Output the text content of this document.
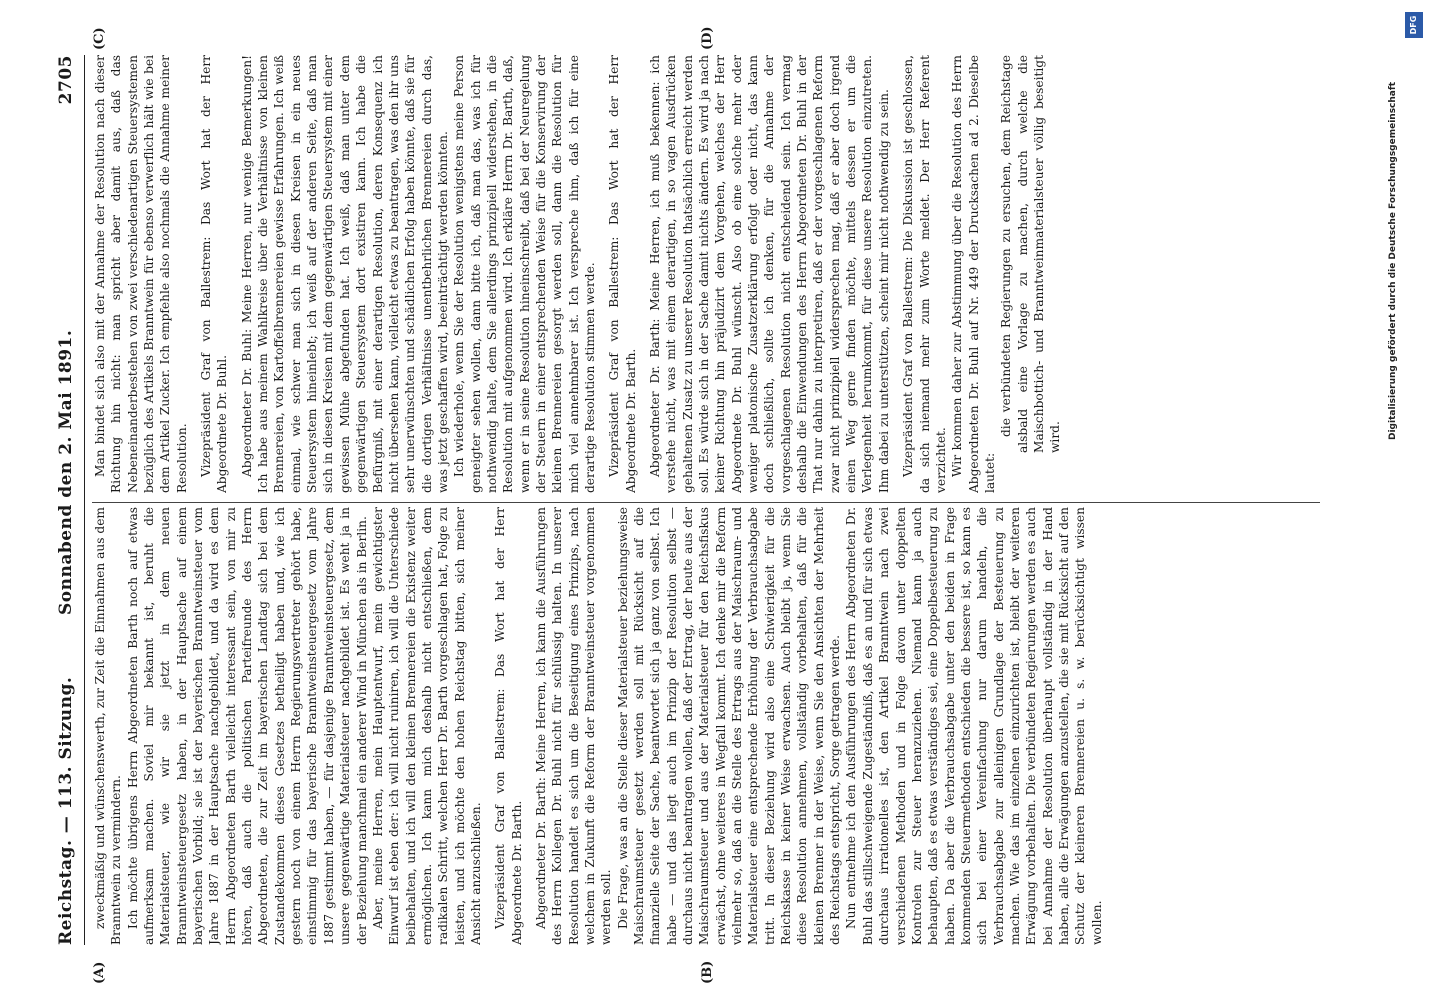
Reichstag. — 113. Sitzung.
Sonnabend den 2. Mai 1891.
2705

zweckmäßig und wünschenswerth, zur Zeit die Einnahmen aus dem Branntwein zu vermindern. Ich möchte übrigens Herrn Abgeordneten Barth noch auf etwas aufmerksam machen. Soviel mir bekannt ist, beruht die Materialsteuer, wie wir sie jetzt in dem neuen Branntweinsteuergesetz haben, in der Hauptsache auf einem bayerischen Vorbild; sie ist der bayerischen Branntweinsteuer vom Jahre 1887 in der Hauptsache nachgebildet, und da wird es dem Herrn Abgeordneten Barth vielleicht interessant sein, von mir zu hören, daß auch die politischen Parteifreunde des Herrn Abgeordneten, die zur Zeit im bayerischen Landtag sich bei dem Zustandekommen dieses Gesetzes betheiligt haben und, wie ich gestern noch von einem Herrn Regierungsvertreter gehört habe, einstimmig für das bayerische Branntweinsteuergesetz vom Jahre 1887 gestimmt haben, — für dasjenige Branntweinsteuergesetz, dem unsere gegenwärtige Materialsteuer nachgebildet ist. Es weht ja in der Beziehung manchmal ein anderer Wind in München als in Berlin. Aber, meine Herren, mein Hauptentwurf, mein gewichtigster Einwurf ist eben der: ich will nicht ruiniren, ich will die Unterschiede beibehalten, und ich will den kleinen Brennereien die Existenz weiter ermöglichen. Ich kann mich deshalb nicht entschließen, dem radikalen Schritt, welchen Herr Dr. Barth vorgeschlagen hat, Folge zu leisten, und ich möchte den hohen Reichstag bitten, sich meiner Ansicht anzuschließen. Vizepräsident Graf von Ballestrem: Das Wort hat der Herr Abgeordnete Dr. Barth. Abgeordneter Dr. Barth: Meine Herren, ich kann die Ausführungen des Herrn Kollegen Dr. Buhl nicht für schlüssig halten. In unserer Resolution handelt es sich um die Beseitigung eines Prinzips, nach welchem in Zukunft die Reform der Branntweinsteuer vorgenommen werden soll. Die Frage, was an die Stelle dieser Materialsteuer beziehungsweise Maischraumsteuer gesetzt werden soll mit Rücksicht auf die finanzielle Seite der Sache, beantwortet sich ja ganz von selbst. Ich habe — und das liegt auch im Prinzip der Resolution selbst — durchaus nicht beantragen wollen, daß der Ertrag, der heute aus der Maischraumsteuer und aus der Materialsteuer für den Reichsfiskus erwächst, ohne weiteres in Wegfall kommt. Ich denke mir die Reform vielmehr so, daß an die Stelle des Ertrags aus der Maischraum- und Materialsteuer eine entsprechende Erhöhung der Verbrauchsabgabe tritt. In dieser Beziehung wird also eine Schwierigkeit für die Reichskasse in keiner Weise erwachsen. Auch bleibt ja, wenn Sie diese Resolution annehmen, vollständig vorbehalten, daß für die kleinen Brenner in der Weise, wenn Sie den Ansichten der Mehrheit des Reichstags entspricht, Sorge getragen werde. Nun entnehme ich den Ausführungen des Herrn Abgeordneten Dr. Buhl das stillschweigende Zugeständniß, daß es an und für sich etwas durchaus irrationelles ist, den Artikel Branntwein nach zwei verschiedenen Methoden und in Folge davon unter doppelten Kontrolen zur Steuer heranzuziehen. Niemand kann ja auch behaupten, daß es etwas verständiges sei, eine Doppelbesteuerung zu haben. Da aber die Verbrauchsabgabe unter den beiden in Frage kommenden Steuermethoden entschieden die bessere ist, so kann es sich bei einer Vereinfachung nur darum handeln, die Verbrauchsabgabe zur alleinigen Grundlage der Besteuerung zu machen. Wie das im einzelnen einzurichten ist, bleibt der weiteren Erwägung vorbehalten. Die verbündeten Regierungen werden es auch bei Annahme der Resolution überhaupt vollständig in der Hand haben, alle die Erwägungen anzustellen, die sie mit Rücksicht auf den Schutz der kleineren Brennereien u. s. w. berücksichtigt wissen wollen.

Man bindet sich also mit der Annahme der Resolution nach dieser Richtung hin nicht: man spricht aber damit aus, daß das Nebeneinanderbestehen von zwei verschiedenartigen Steuersystemen bezüglich des Artikels Branntwein für ebenso verwerflich hält wie bei dem Artikel Zucker. Ich empfehle also nochmals die Annahme meiner Resolution. Vizepräsident Graf von Ballestrem: Das Wort hat der Herr Abgeordnete Dr. Buhl. Abgeordneter Dr. Buhl: Meine Herren, nur wenige Bemerkungen! Ich habe aus meinem Wahlkreise über die Verhältnisse von kleinen Brennereien, von Kartoffelbrennereien gewisse Erfahrungen. Ich weiß einmal, wie schwer man sich in diesen Kreisen in ein neues Steuersystem hineinlebt; ich weiß auf der anderen Seite, daß man sich in diesen Kreisen mit dem gegenwärtigen Steuersystem mit einer gewissen Mühe abgefunden hat. Ich weiß, daß man unter dem gegenwärtigen Steuersystem dort existiren kann. Ich habe die Befürgniß, mit einer derartigen Resolution, deren Konsequenz ich nicht übersehen kann, vielleicht etwas zu beantragen, was den ihr uns sehr unerwünschten und schädlichen Erfolg haben könnte, daß sie für die dortigen Verhältnisse unentbehrlichen Brennereien durch das, was jetzt geschaffen wird, beeinträchtigt werden könnten. Ich wiederhole, wenn Sie der Resolution wenigstens meine Person geneigter sehen wollen, dann bitte ich, daß man das, was ich für nothwendig halte, dem Sie allerdings prinzipiell widerstehen, in die Resolution mit aufgenommen wird. Ich erkläre Herrn Dr. Barth, daß, wenn er in seine Resolution hineinschreibt, daß bei der Neuregelung der Steuern in einer entsprechenden Weise für die Konservirung der kleinen Brennereien gesorgt werden soll, dann die Resolution für mich viel annehmbarer ist. Ich verspreche ihm, daß ich für eine derartige Resolution stimmen werde. Vizepräsident Graf von Ballestrem: Das Wort hat der Herr Abgeordnete Dr. Barth. Abgeordneter Dr. Barth: Meine Herren, ich muß bekennen: ich verstehe nicht, was mit einem derartigen, in so vagen Ausdrücken gehaltenen Zusatz zu unserer Resolution thatsächlich erreicht werden soll. Es würde sich in der Sache damit nichts ändern. Es wird ja nach keiner Richtung hin präjudizirt dem Vorgehen, welches der Herr Abgeordnete Dr. Buhl wünscht. Also ob eine solche mehr oder weniger platonische Zusatzerklärung erfolgt oder nicht, das kann doch schließlich, sollte ich denken, für die Annahme der vorgeschlagenen Resolution nicht entscheidend sein. Ich vermag deshalb die Einwendungen des Herrn Abgeordneten Dr. Buhl in der That nur dahin zu interpretiren, daß er der vorgeschlagenen Reform zwar nicht prinzipiell widersprechen mag, daß er aber doch irgend einen Weg gerne finden möchte, mittels dessen er um die Verlegenheit herumkommt, für diese unsere Resolution einzutreten. Ihm dabei zu unterstützen, scheint mir nicht nothwendig zu sein. Vizepräsident Graf von Ballestrem: Die Diskussion ist geschlossen, da sich niemand mehr zum Worte meldet. Der Herr Referent verzichtet. Wir kommen daher zur Abstimmung über die Resolution des Herrn Abgeordneten Dr. Buhl auf Nr. 449 der Drucksachen ad 2. Dieselbe lautet:

die verbündeten Regierungen zu ersuchen, dem Reichstage alsbald eine Vorlage zu machen, durch welche die Maischbottich- und Branntweinmaterialsteuer völlig beseitigt wird.

(A)	(B)
(C)	(D)
Digitalisierung gefördert durch die Deutsche Forschungsgemeinschaft
DFG
